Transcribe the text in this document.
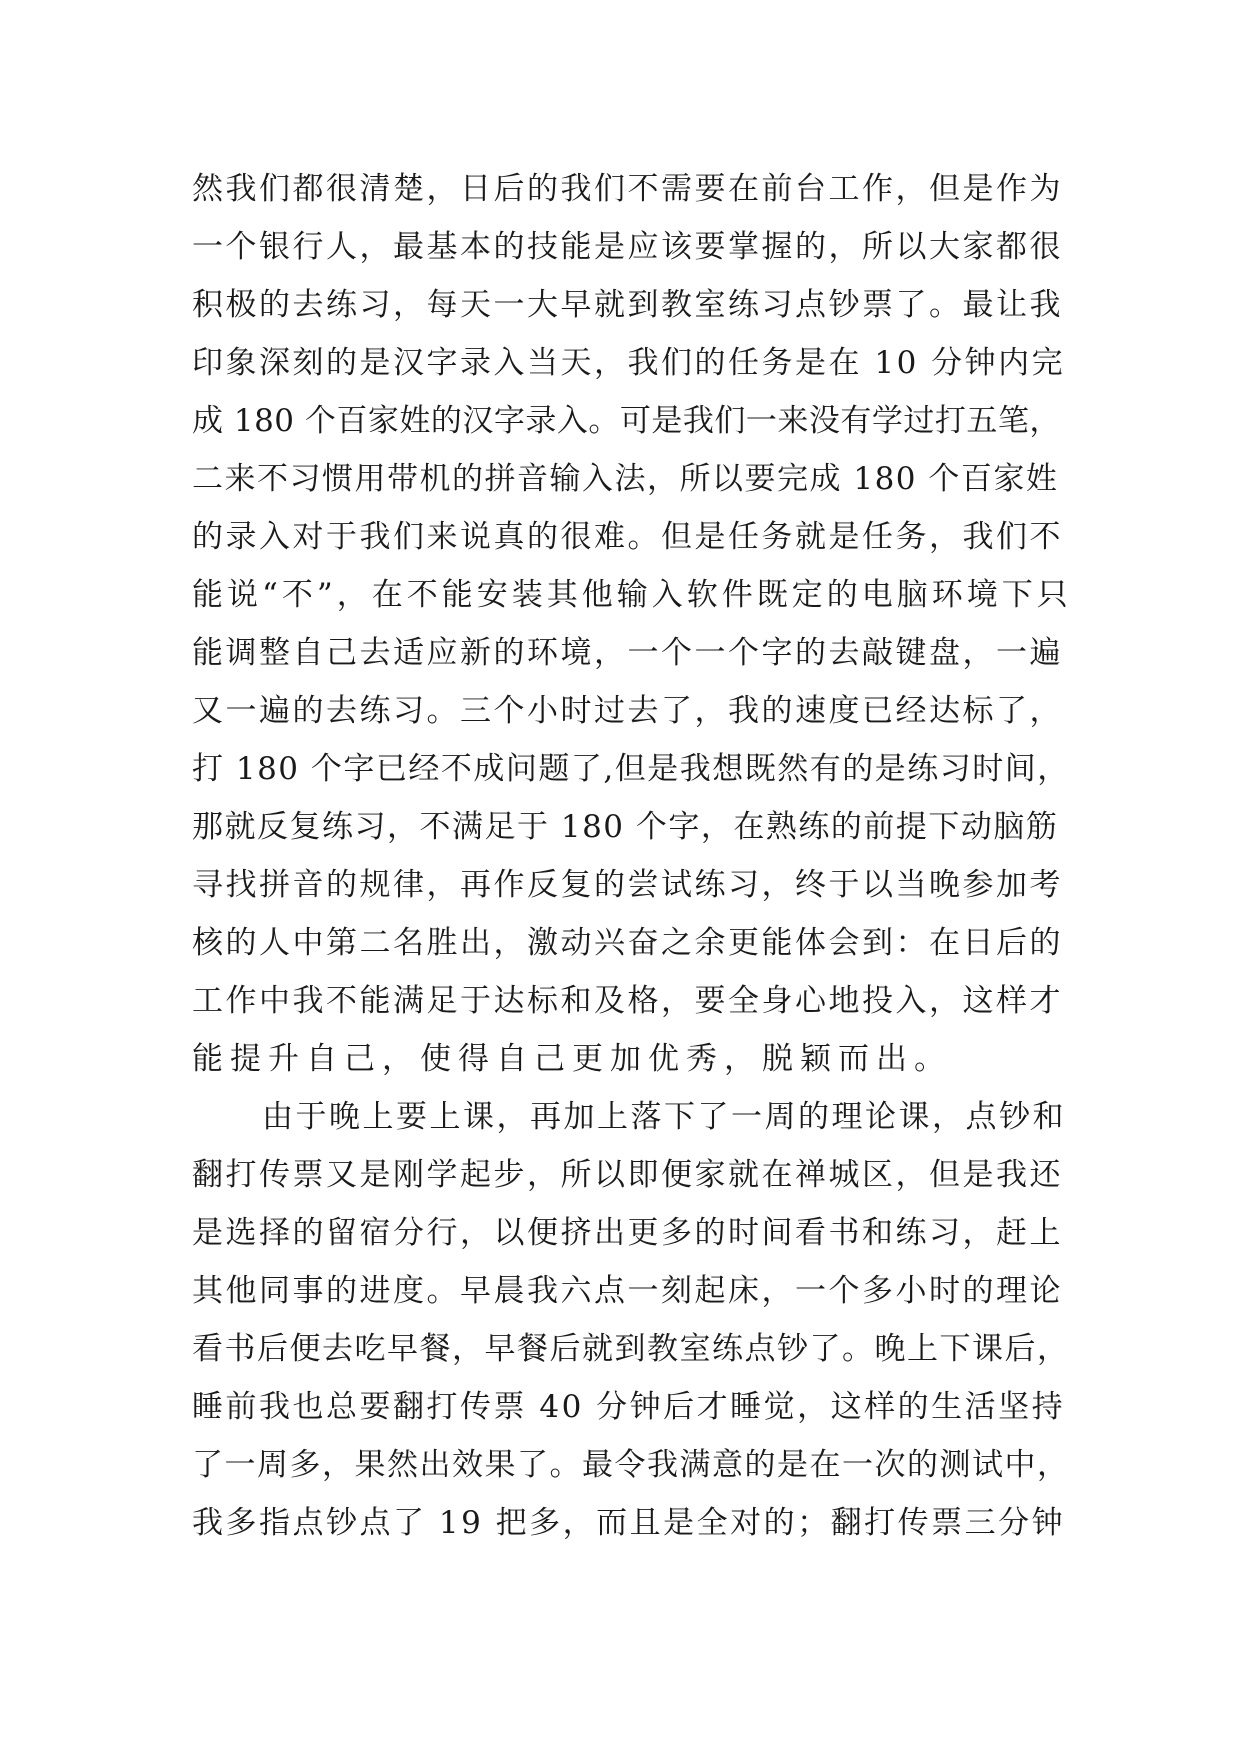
然我们都很清楚，日后的我们不需要在前台工作，但是作为
一个银行人，最基本的技能是应该要掌握的，所以大家都很
积极的去练习，每天一大早就到教室练习点钞票了。最让我
印象深刻的是汉字录入当天，我们的任务是在 10 分钟内完
成 180 个百家姓的汉字录入。可是我们一来没有学过打五笔，
二来不习惯用带机的拼音输入法，所以要完成 180 个百家姓
的录入对于我们来说真的很难。但是任务就是任务，我们不
能说“不”，在不能安装其他输入软件既定的电脑环境下只
能调整自己去适应新的环境，一个一个字的去敲键盘，一遍
又一遍的去练习。三个小时过去了，我的速度已经达标了，
打 180 个字已经不成问题了,但是我想既然有的是练习时间，
那就反复练习，不满足于 180 个字，在熟练的前提下动脑筋
寻找拼音的规律，再作反复的尝试练习，终于以当晚参加考
核的人中第二名胜出，激动兴奋之余更能体会到：在日后的
工作中我不能满足于达标和及格，要全身心地投入，这样才
能提升自己，使得自己更加优秀，脱颖而出。
由于晚上要上课，再加上落下了一周的理论课，点钞和
翻打传票又是刚学起步，所以即便家就在禅城区，但是我还
是选择的留宿分行，以便挤出更多的时间看书和练习，赶上
其他同事的进度。早晨我六点一刻起床，一个多小时的理论
看书后便去吃早餐，早餐后就到教室练点钞了。晚上下课后，
睡前我也总要翻打传票 40 分钟后才睡觉，这样的生活坚持
了一周多，果然出效果了。最令我满意的是在一次的测试中，
我多指点钞点了 19 把多，而且是全对的；翻打传票三分钟
